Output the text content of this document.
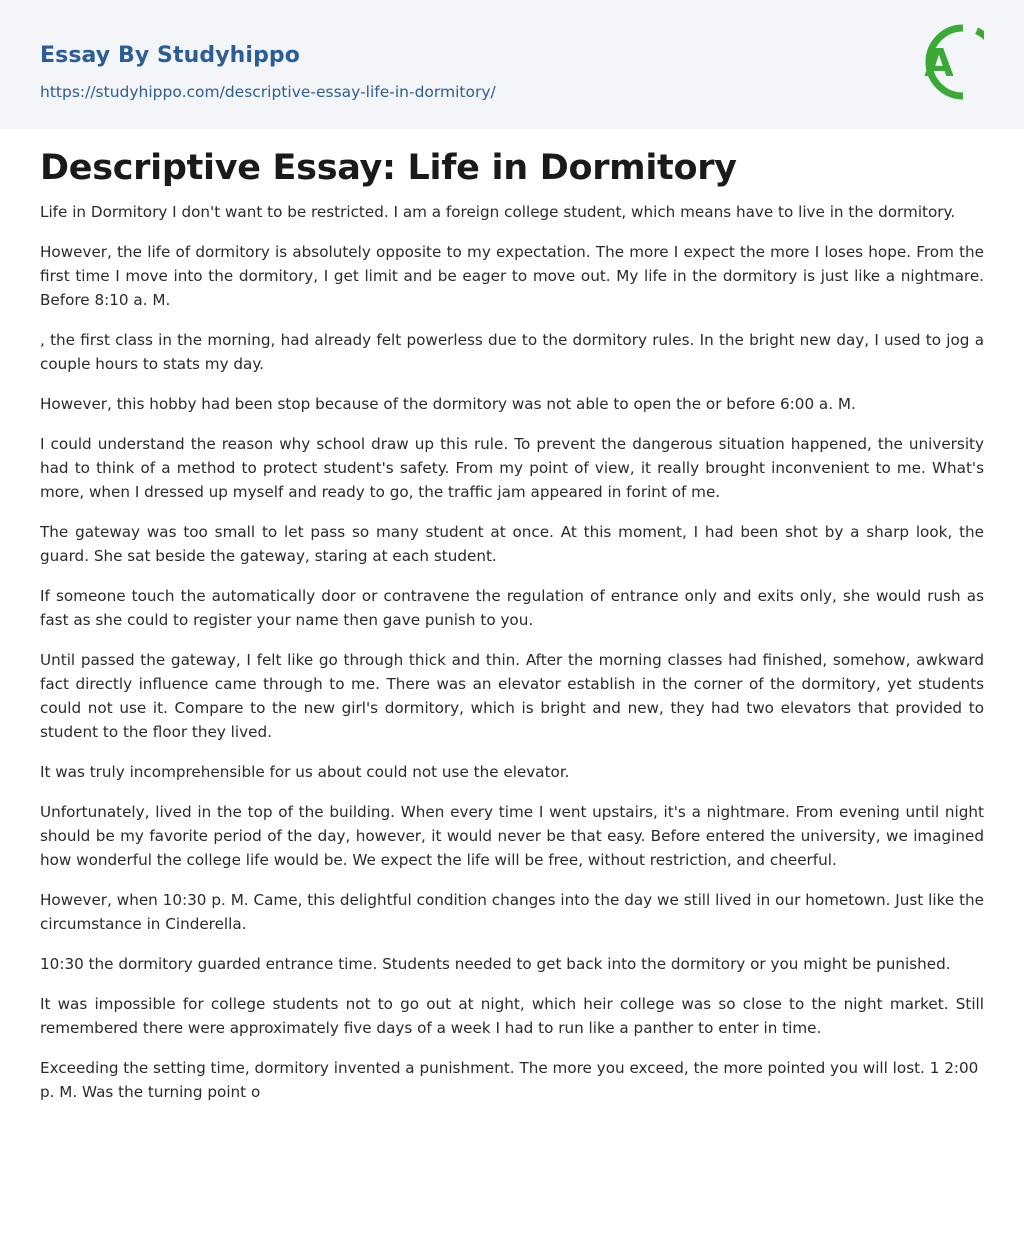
Essay By Studyhippo
https://studyhippo.com/descriptive-essay-life-in-dormitory/
A
Descriptive Essay: Life in Dormitory

Life in Dormitory I don't want to be restricted. I am a foreign college student, which means have to live in the dormitory.

However, the life of dormitory is absolutely opposite to my expectation. The more I expect the more I loses hope. From the first time I move into the dormitory, I get limit and be eager to move out. My life in the dormitory is just like a nightmare. Before 8:10 a. M.

, the first class in the morning, had already felt powerless due to the dormitory rules. In the bright new day, I used to jog a couple hours to stats my day.

However, this hobby had been stop because of the dormitory was not able to open the or before 6:00 a. M.

I could understand the reason why school draw up this rule. To prevent the dangerous situation happened, the university had to think of a method to protect student's safety. From my point of view, it really brought inconvenient to me. What's more, when I dressed up myself and ready to go, the traffic jam appeared in forint of me.

The gateway was too small to let pass so many student at once. At this moment, I had been shot by a sharp look, the guard. She sat beside the gateway, staring at each student.

If someone touch the automatically door or contravene the regulation of entrance only and exits only, she would rush as fast as she could to register your name then gave punish to you.

Until passed the gateway, I felt like go through thick and thin. After the morning classes had finished, somehow, awkward fact directly influence came through to me. There was an elevator establish in the corner of the dormitory, yet students could not use it. Compare to the new girl's dormitory, which is bright and new, they had two elevators that provided to student to the floor they lived.

It was truly incomprehensible for us about could not use the elevator.

Unfortunately, lived in the top of the building. When every time I went upstairs, it's a nightmare. From evening until night should be my favorite period of the day, however, it would never be that easy. Before entered the university, we imagined how wonderful the college life would be. We expect the life will be free, without restriction, and cheerful.

However, when 10:30 p. M. Came, this delightful condition changes into the day we still lived in our hometown. Just like the circumstance in Cinderella.

10:30 the dormitory guarded entrance time. Students needed to get back into the dormitory or you might be punished.

It was impossible for college students not to go out at night, which heir college was so close to the night market. Still remembered there were approximately five days of a week I had to run like a panther to enter in time.

Exceeding the setting time, dormitory invented a punishment. The more you exceed, the more pointed you will lost. 1 2:00 p. M. Was the turning point o
